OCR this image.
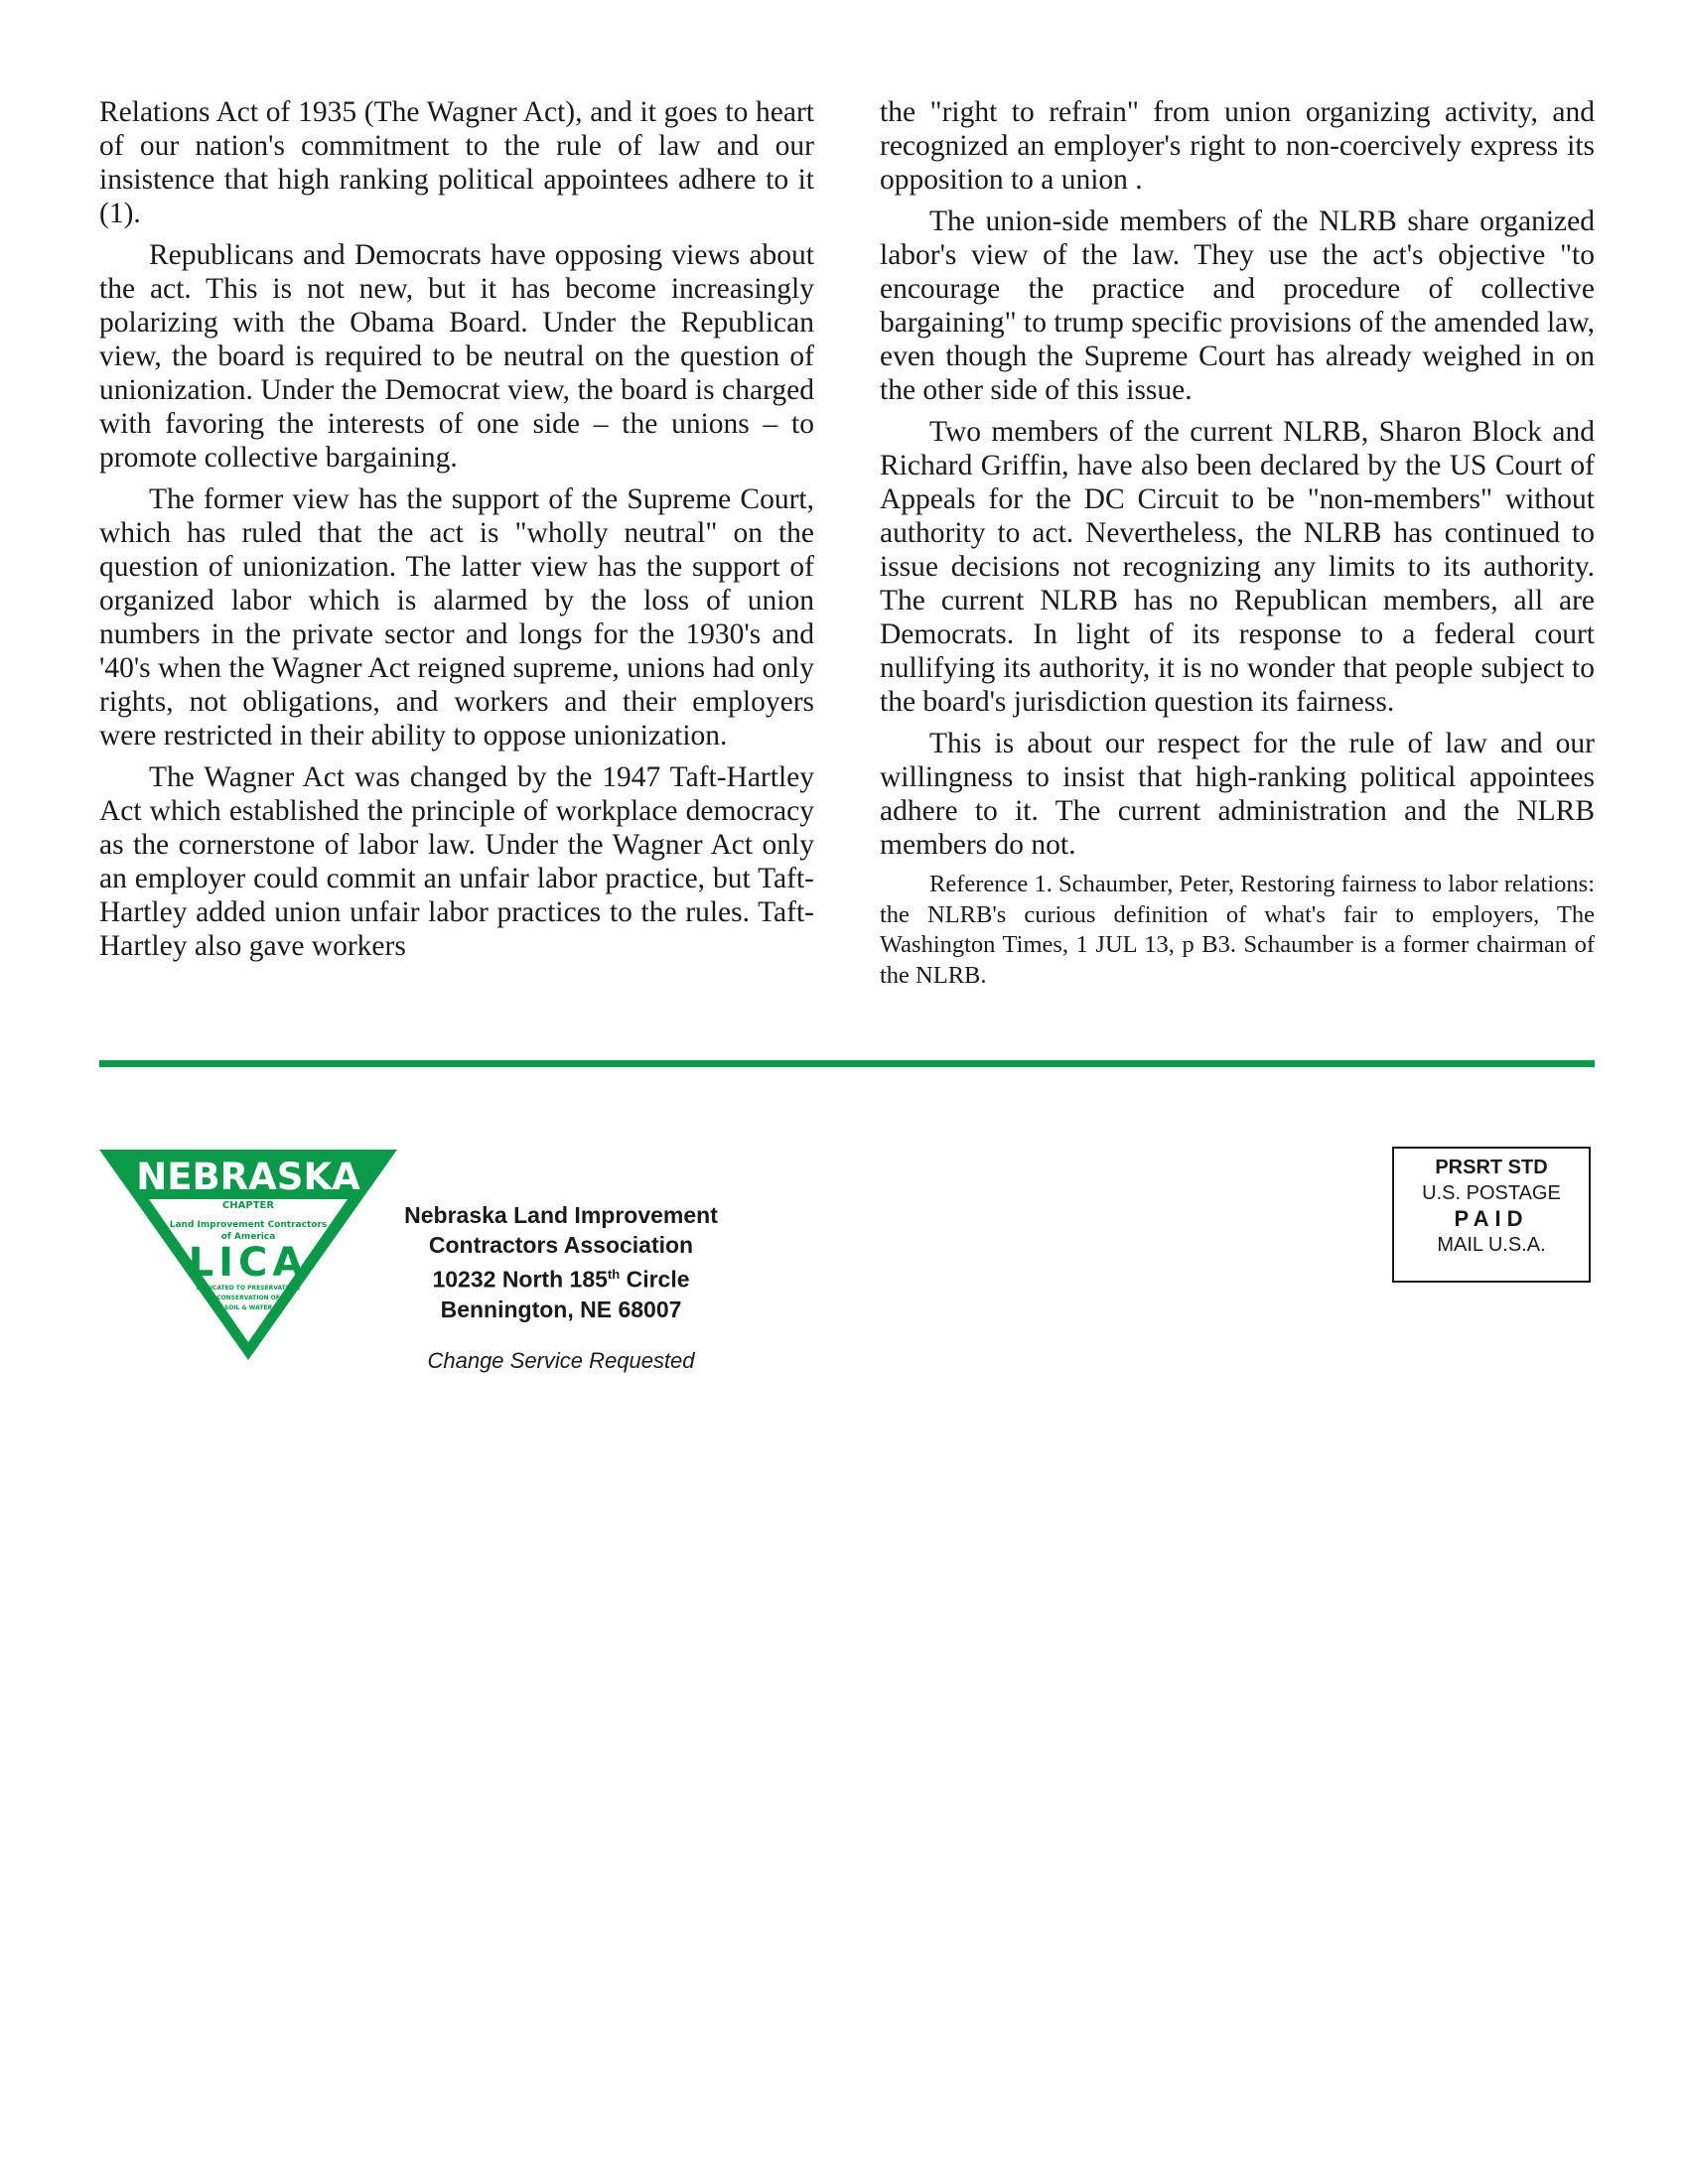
Relations Act of 1935 (The Wagner Act), and it goes to heart of our nation's commitment to the rule of law and our insistence that high ranking political appointees adhere to it (1).

Republicans and Democrats have opposing views about the act. This is not new, but it has become increasingly polarizing with the Obama Board. Under the Republican view, the board is required to be neutral on the question of unionization. Under the Democrat view, the board is charged with favoring the interests of one side – the unions – to promote collective bargaining.

The former view has the support of the Supreme Court, which has ruled that the act is "wholly neutral" on the question of unionization. The latter view has the support of organized labor which is alarmed by the loss of union numbers in the private sector and longs for the 1930's and '40's when the Wagner Act reigned supreme, unions had only rights, not obligations, and workers and their employers were restricted in their ability to oppose unionization.

The Wagner Act was changed by the 1947 Taft-Hartley Act which established the principle of workplace democracy as the cornerstone of labor law. Under the Wagner Act only an employer could commit an unfair labor practice, but Taft-Hartley added union unfair labor practices to the rules. Taft-Hartley also gave workers

the "right to refrain" from union organizing activity, and recognized an employer's right to non-coercively express its opposition to a union .

The union-side members of the NLRB share organized labor's view of the law. They use the act's objective "to encourage the practice and procedure of collective bargaining" to trump specific provisions of the amended law, even though the Supreme Court has already weighed in on the other side of this issue.

Two members of the current NLRB, Sharon Block and Richard Griffin, have also been declared by the US Court of Appeals for the DC Circuit to be "non-members" without authority to act. Nevertheless, the NLRB has continued to issue decisions not recognizing any limits to its authority. The current NLRB has no Republican members, all are Democrats. In light of its response to a federal court nullifying its authority, it is no wonder that people subject to the board's jurisdiction question its fairness.

This is about our respect for the rule of law and our willingness to insist that high-ranking political appointees adhere to it. The current administration and the NLRB members do not.

Reference 1. Schaumber, Peter, Restoring fairness to labor relations: the NLRB's curious definition of what's fair to employers, The Washington Times, 1 JUL 13, p B3. Schaumber is a former chairman of the NLRB.

NEBRASKA
CHAPTER
Land Improvement Contractors
of America
LICA
DEDICATED TO PRESERVATION,
CONSERVATION OF
SOIL & WATER
Nebraska Land Improvement
Contractors Association
10232 North 185th Circle
Bennington, NE 68007
Change Service Requested
PRSRT STD
U.S. POSTAGE
PAID
MAIL U.S.A.
